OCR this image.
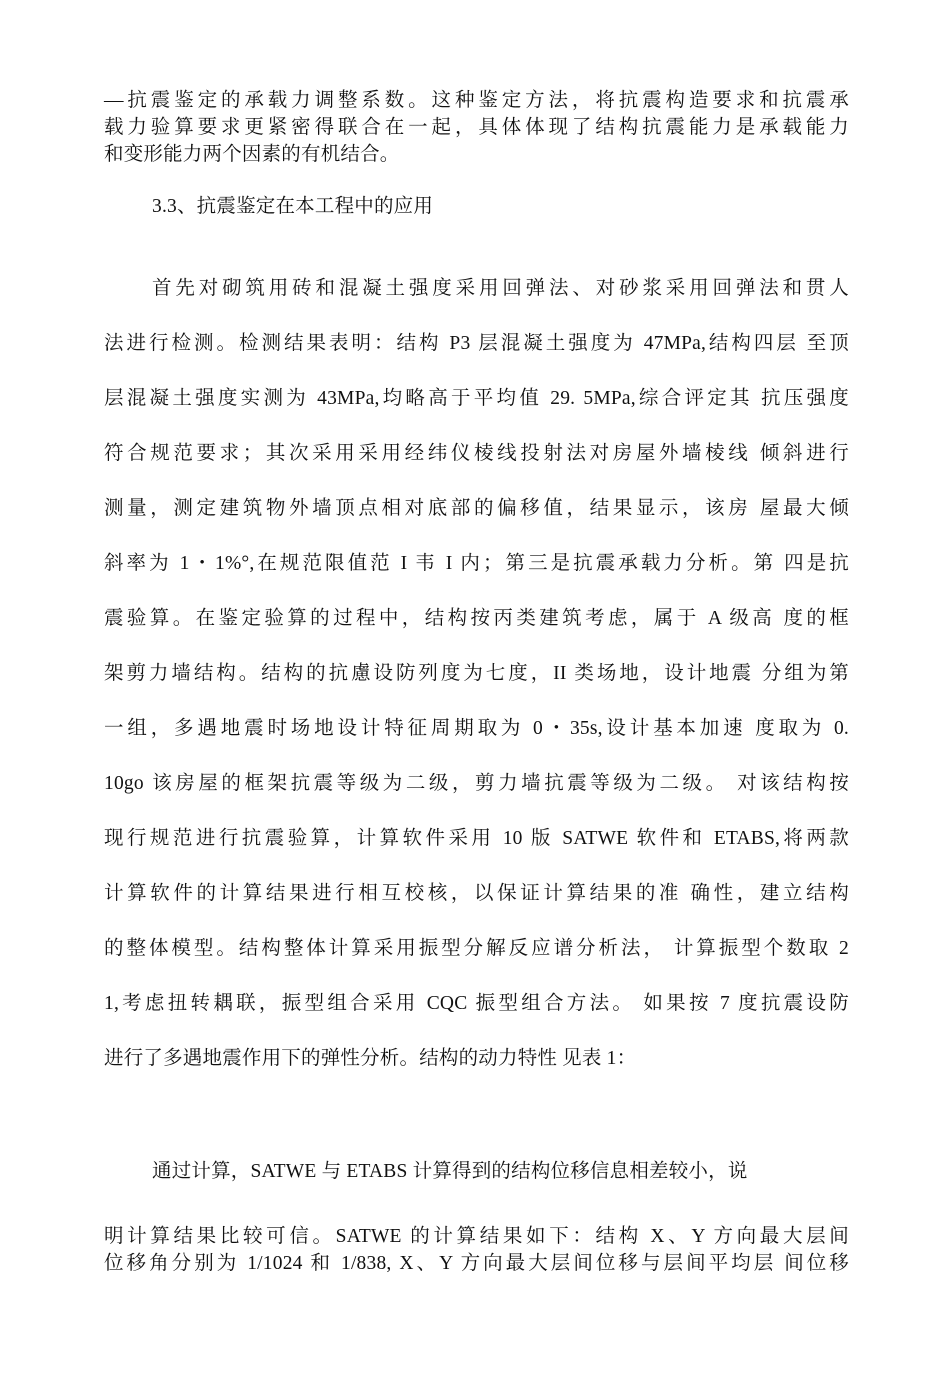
—抗震鉴定的承载力调整系数。这种鉴定方法，将抗震构造要求和抗震承
载力验算要求更紧密得联合在一起，具体体现了结构抗震能力是承载能力
和变形能力两个因素的有机结合。
3.3、抗震鉴定在本工程中的应用
首先对砌筑用砖和混凝土强度采用回弹法、对砂浆采用回弹法和贯人
法进行检测。检测结果表明：结构 P3 层混凝土强度为 47MPa,结构四层 至顶
层混凝土强度实测为 43MPa,均略高于平均值 29. 5MPa,综合评定其 抗压强度
符合规范要求；其次采用采用经纬仪棱线投射法对房屋外墙棱线 倾斜进行
测量，测定建筑物外墙顶点相对底部的偏移值，结果显示，该房 屋最大倾
斜率为 1・1%°,在规范限值范 I 韦 I 内；第三是抗震承载力分析。第 四是抗
震验算。在鉴定验算的过程中，结构按丙类建筑考虑，属于 A 级高 度的框
架剪力墙结构。结构的抗慮设防列度为七度，II 类场地，设计地震 分组为第
一组，多遇地震时场地设计特征周期取为 0・35s,设计基本加速 度取为 0.
10go 该房屋的框架抗震等级为二级，剪力墙抗震等级为二级。 对该结构按
现行规范进行抗震验算，计算软件采用 10 版 SATWE 软件和 ETABS,将两款
计算软件的计算结果进行相互校核，以保证计算结果的准 确性，建立结构
的整体模型。结构整体计算采用振型分解反应谱分析法， 计算振型个数取 2
1,考虑扭转耦联，振型组合采用 CQC 振型组合方法。 如果按 7 度抗震设防
进行了多遇地震作用下的弹性分析。结构的动力特性 见表 1：
通过计算，SATWE 与 ETABS 计算得到的结构位移信息相差较小，说
明计算结果比较可信。SATWE 的计算结果如下：结构 X、Y 方向最大层间
位移角分别为 1/1024 和 1/838, X、Y 方向最大层间位移与层间平均层 间位移
